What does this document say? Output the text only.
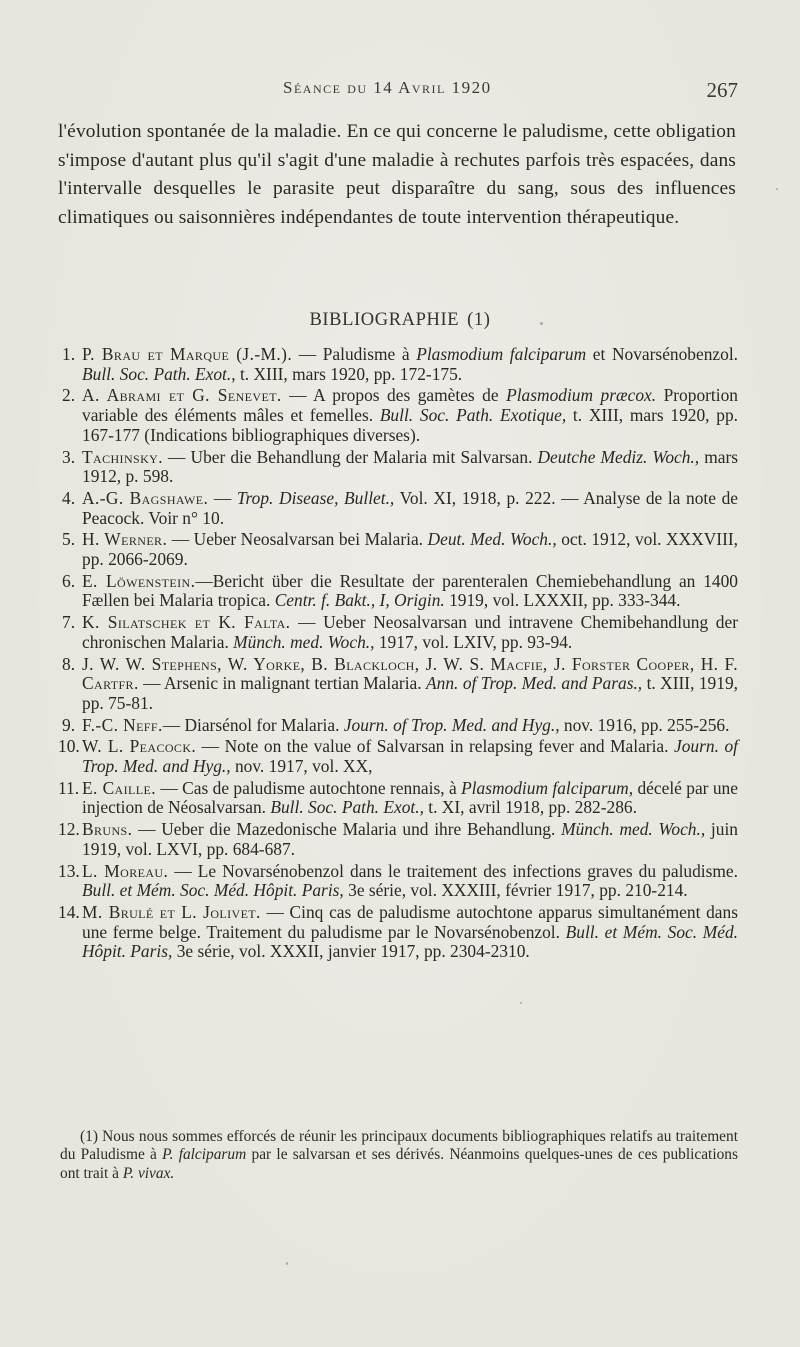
Séance du 14 Avril 1920	267

l'évolution spontanée de la maladie. En ce qui concerne le paludisme, cette obligation s'impose d'autant plus qu'il s'agit d'une maladie à rechutes parfois très espacées, dans l'intervalle desquelles le parasite peut disparaître du sang, sous des influences climatiques ou saisonnières indépendantes de toute intervention thérapeutique.

BIBLIOGRAPHIE (1)
1. P. Brau et Marque (J.-M.). — Paludisme à Plasmodium falciparum et Novarsénobenzol. Bull. Soc. Path. Exot., t. XIII, mars 1920, pp. 172-175.
2. A. Abrami et G. Senevet. — A propos des gamètes de Plasmodium præcox. Proportion variable des éléments mâles et femelles. Bull. Soc. Path. Exotique, t. XIII, mars 1920, pp. 167-177 (Indications bibliographiques diverses).
3. Tachinsky. — Uber die Behandlung der Malaria mit Salvarsan. Deutche Mediz. Woch., mars 1912, p. 598.
4. A.-G. Bagshawe. — Trop. Disease, Bullet., Vol. XI, 1918, p. 222. — Analyse de la note de Peacock. Voir n° 10.
5. H. Werner. — Ueber Neosalvarsan bei Malaria. Deut. Med. Woch., oct. 1912, vol. XXXVIII, pp. 2066-2069.
6. E. Löwenstein.—Bericht über die Resultate der parenteralen Chemiebehandlung an 1400 Fællen bei Malaria tropica. Centr. f. Bakt., I, Origin. 1919, vol. LXXXII, pp. 333-344.
7. K. Silatschek et K. Falta. — Ueber Neosalvarsan und intravene Chemibehandlung der chronischen Malaria. Münch. med. Woch., 1917, vol. LXIV, pp. 93-94.
8. J. W. W. Stephens, W. Yorke, B. Blackloch, J. W. S. Macfie, J. Forster Cooper, H. F. Cartfr. — Arsenic in malignant tertian Malaria. Ann. of Trop. Med. and Paras., t. XIII, 1919, pp. 75-81.
9. F.-C. Neff.— Diarsénol for Malaria. Journ. of Trop. Med. and Hyg., nov. 1916, pp. 255-256.
10. W. L. Peacock. — Note on the value of Salvarsan in relapsing fever and Malaria. Journ. of Trop. Med. and Hyg., nov. 1917, vol. XX,
11. E. Caille. — Cas de paludisme autochtone rennais, à Plasmodium falciparum, décelé par une injection de Néosalvarsan. Bull. Soc. Path. Exot., t. XI, avril 1918, pp. 282-286.
12. Bruns. — Ueber die Mazedonische Malaria und ihre Behandlung. Münch. med. Woch., juin 1919, vol. LXVI, pp. 684-687.
13. L. Moreau. — Le Novarsénobenzol dans le traitement des infections graves du paludisme. Bull. et Mém. Soc. Méd. Hôpit. Paris, 3e série, vol. XXXIII, février 1917, pp. 210-214.
14. M. Brulé et L. Jolivet. — Cinq cas de paludisme autochtone apparus simultanément dans une ferme belge. Traitement du paludisme par le Novarsénobenzol. Bull. et Mém. Soc. Méd. Hôpit. Paris, 3e série, vol. XXXII, janvier 1917, pp. 2304-2310.
(1) Nous nous sommes efforcés de réunir les principaux documents bibliographiques relatifs au traitement du Paludisme à P. falciparum par le salvarsan et ses dérivés. Néanmoins quelques-unes de ces publications ont trait à P. vivax.
